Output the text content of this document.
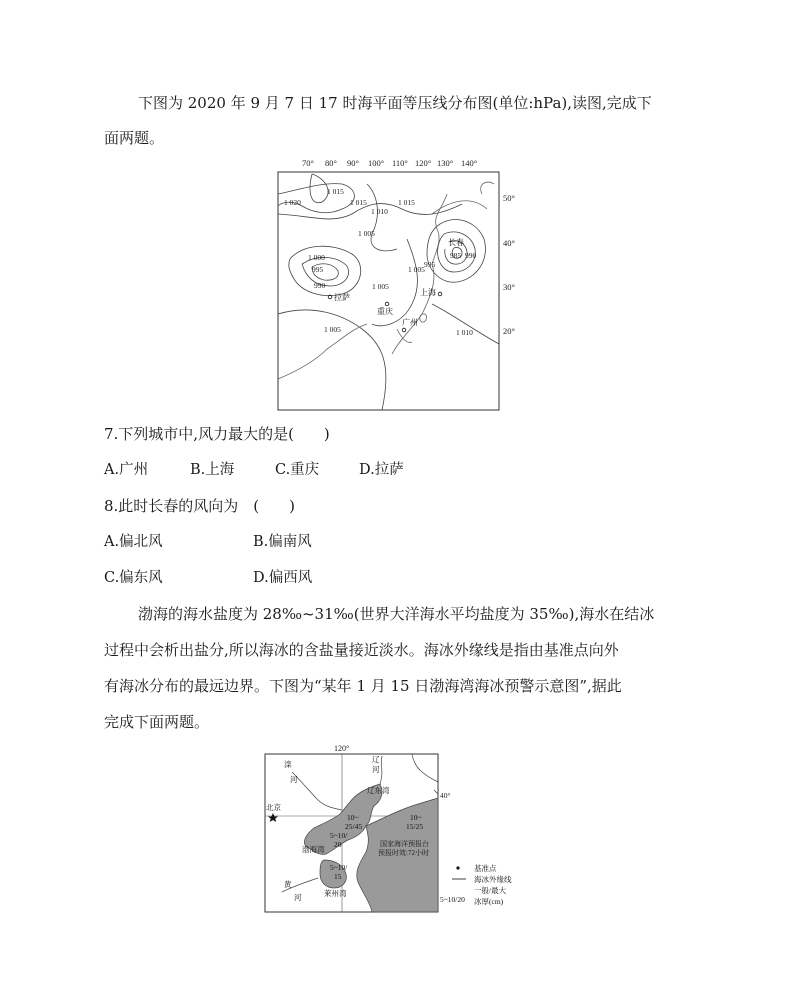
下图为 2020 年 9 月 7 日 17 时海平面等压线分布图(单位:hPa),读图,完成下
面两题。
70° 80° 90° 100° 110° 120° 130° 140°
50°
40°
30°
20°
1 020
1 015
1 015	1 015
1 010
1 005
1 000
995
990	1 005
1 005
995
985 990
1 005	1 010
长春
上海
重庆
广州
拉萨
7.下列城市中,风力最大的是(　　)
A.广州	B.上海	C.重庆	D.拉萨
8.此时长春的风向为　(　　)
A.偏北风	B.偏南风
C.偏东风	D.偏西风
渤海的海水盐度为 28‰~31‰(世界大洋海水平均盐度为 35‰),海水在结冰
过程中会析出盐分,所以海冰的含盐量接近淡水。海冰外缘线是指由基准点向外
有海冰分布的最远边界。下图为“某年 1 月 15 日渤海湾海冰预警示意图”,据此
完成下面两题。
120°
辽
河
滦
河
辽东湾
北京
10~
25/45
5~10/
20
10~
15/25
渤海湾
国家海洋预报台
预报时效:72小时
5~10/
15
黄
河	莱州湾
40°
基准点
海冰外缘线
一般/最大
5~10/20 冰厚(cm)
